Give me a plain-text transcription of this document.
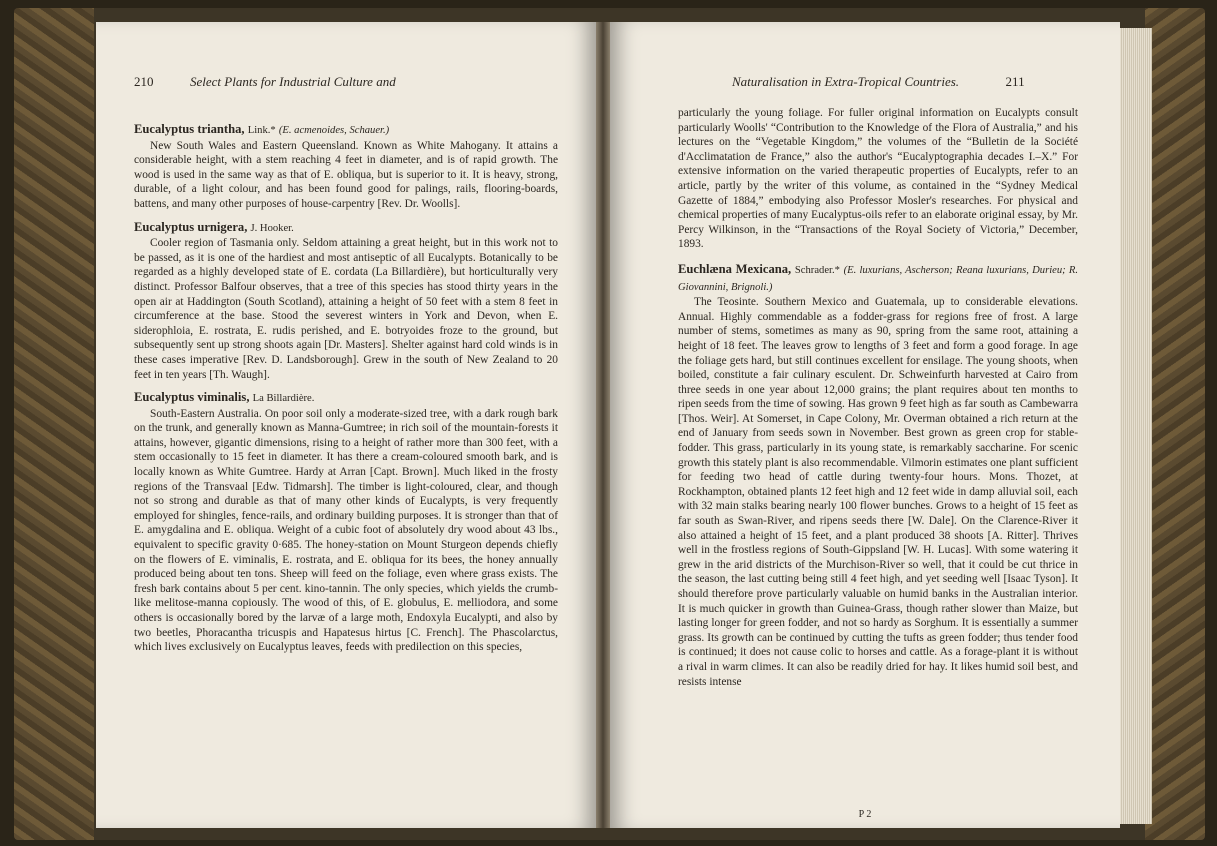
210	Select Plants for Industrial Culture and
Eucalyptus triantha, Link.* (E. acmenoides, Schauer.)

New South Wales and Eastern Queensland. Known as White Mahogany. It attains a considerable height, with a stem reaching 4 feet in diameter, and is of rapid growth. The wood is used in the same way as that of E. obliqua, but is superior to it. It is heavy, strong, durable, of a light colour, and has been found good for palings, rails, flooring-boards, battens, and many other purposes of house-carpentry [Rev. Dr. Woolls].

Eucalyptus urnigera, J. Hooker.

Cooler region of Tasmania only. Seldom attaining a great height, but in this work not to be passed, as it is one of the hardiest and most antiseptic of all Eucalypts. Botanically to be regarded as a highly developed state of E. cordata (La Billardière), but horticulturally very distinct. Professor Balfour observes, that a tree of this species has stood thirty years in the open air at Haddington (South Scotland), attaining a height of 50 feet with a stem 8 feet in circumference at the base. Stood the severest winters in York and Devon, when E. siderophloia, E. rostrata, E. rudis perished, and E. botryoides froze to the ground, but subsequently sent up strong shoots again [Dr. Masters]. Shelter against hard cold winds is in these cases imperative [Rev. D. Landsborough]. Grew in the south of New Zealand to 20 feet in ten years [Th. Waugh].

Eucalyptus viminalis, La Billardière.

South-Eastern Australia. On poor soil only a moderate-sized tree, with a dark rough bark on the trunk, and generally known as Manna-Gumtree; in rich soil of the mountain-forests it attains, however, gigantic dimensions, rising to a height of rather more than 300 feet, with a stem occasionally to 15 feet in diameter. It has there a cream-coloured smooth bark, and is locally known as White Gumtree. Hardy at Arran [Capt. Brown]. Much liked in the frosty regions of the Transvaal [Edw. Tidmarsh]. The timber is light-coloured, clear, and though not so strong and durable as that of many other kinds of Eucalypts, is very frequently employed for shingles, fence-rails, and ordinary building purposes. It is stronger than that of E. amygdalina and E. obliqua. Weight of a cubic foot of absolutely dry wood about 43 lbs., equivalent to specific gravity 0·685. The honey-station on Mount Sturgeon depends chiefly on the flowers of E. viminalis, E. rostrata, and E. obliqua for its bees, the honey annually produced being about ten tons. Sheep will feed on the foliage, even where grass exists. The fresh bark contains about 5 per cent. kino-tannin. The only species, which yields the crumb-like melitose-manna copiously. The wood of this, of E. globulus, E. melliodora, and some others is occasionally bored by the larvæ of a large moth, Endoxyla Eucalypti, and also by two beetles, Phoracantha tricuspis and Hapatesus hirtus [C. French]. The Phascolarctus, which lives exclusively on Eucalyptus leaves, feeds with predilection on this species,

Naturalisation in Extra-Tropical Countries.	211

particularly the young foliage. For fuller original information on Eucalypts consult particularly Woolls' “Contribution to the Knowledge of the Flora of Australia,” and his lectures on the “Vegetable Kingdom,” the volumes of the “Bulletin de la Société d'Acclimatation de France,” also the author's “Eucalyptographia decades I.–X.” For extensive information on the varied therapeutic properties of Eucalypts, refer to an article, partly by the writer of this volume, as contained in the “Sydney Medical Gazette of 1884,” embodying also Professor Mosler's researches. For physical and chemical properties of many Eucalyptus-oils refer to an elaborate original essay, by Mr. Percy Wilkinson, in the “Transactions of the Royal Society of Victoria,” December, 1893.

Euchlæna Mexicana, Schrader.* (E. luxurians, Ascherson; Reana luxurians, Durieu; R. Giovannini, Brignoli.)

The Teosinte. Southern Mexico and Guatemala, up to considerable elevations. Annual. Highly commendable as a fodder-grass for regions free of frost. A large number of stems, sometimes as many as 90, spring from the same root, attaining a height of 18 feet. The leaves grow to lengths of 3 feet and form a good forage. In age the foliage gets hard, but still continues excellent for ensilage. The young shoots, when boiled, constitute a fair culinary esculent. Dr. Schweinfurth harvested at Cairo from three seeds in one year about 12,000 grains; the plant requires about ten months to ripen seeds from the time of sowing. Has grown 9 feet high as far south as Cambewarra [Thos. Weir]. At Somerset, in Cape Colony, Mr. Overman obtained a rich return at the end of January from seeds sown in November. Best grown as green crop for stable-fodder. This grass, particularly in its young state, is remarkably saccharine. For scenic growth this stately plant is also recommendable. Vilmorin estimates one plant sufficient for feeding two head of cattle during twenty-four hours. Mons. Thozet, at Rockhampton, obtained plants 12 feet high and 12 feet wide in damp alluvial soil, each with 32 main stalks bearing nearly 100 flower bunches. Grows to a height of 15 feet as far south as Swan-River, and ripens seeds there [W. Dale]. On the Clarence-River it also attained a height of 15 feet, and a plant produced 38 shoots [A. Ritter]. Thrives well in the frostless regions of South-Gippsland [W. H. Lucas]. With some watering it grew in the arid districts of the Murchison-River so well, that it could be cut thrice in the season, the last cutting being still 4 feet high, and yet seeding well [Isaac Tyson]. It should therefore prove particularly valuable on humid banks in the Australian interior. It is much quicker in growth than Guinea-Grass, though rather slower than Maize, but lasting longer for green fodder, and not so hardy as Sorghum. It is essentially a summer grass. Its growth can be continued by cutting the tufts as green fodder; thus tender food is continued; it does not cause colic to horses and cattle. As a forage-plant it is without a rival in warm climes. It can also be readily dried for hay. It likes humid soil best, and resists intense

P 2
